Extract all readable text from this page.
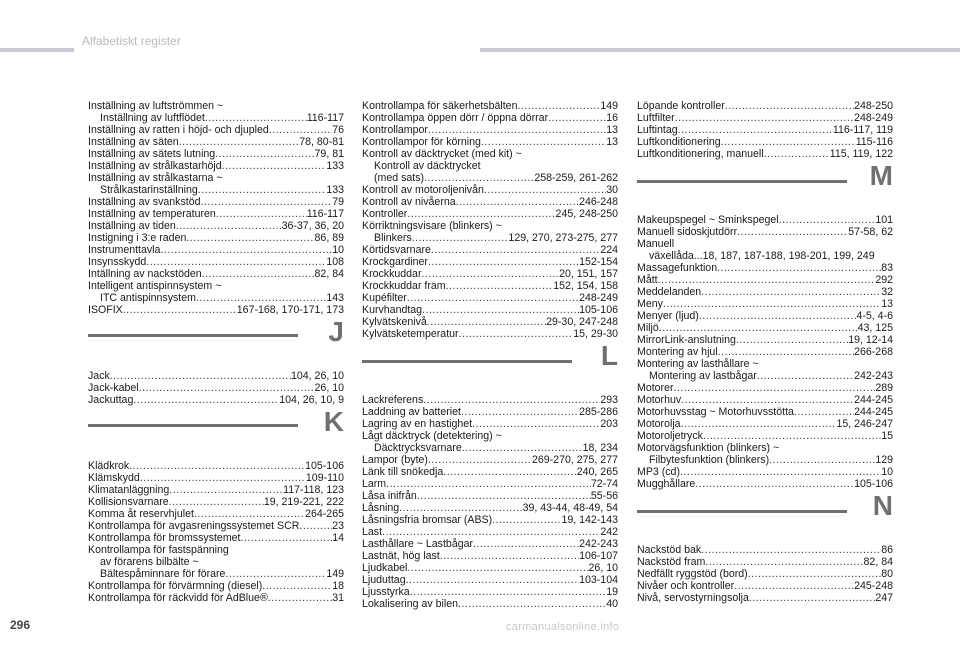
Alfabetiskt register
Inställning av luftströmmen ~
Inställning av luftflödet .....	116-117
Inställning av ratten i höjd- och djupled .....	76
Inställning av säten .....	78, 80-81
Inställning av sätets lutning .....	79, 81
Inställning av strålkastarhöjd .....	133
Inställning av strålkastarna ~
Strålkastarinställning .....	133
Inställning av svankstöd .....	79
Inställning av temperaturen .....	116-117
Inställning av tiden .....	36-37, 36, 20
Instigning i 3:e raden .....	86, 89
Instrumenttavla .....	10
Insynsskydd .....	108
Intällning av nackstöden .....	82, 84
Intelligent antispinnsystem ~
ITC antispinnsystem .....	143
ISOFIX .....	167-168, 170-171, 173
J
Jack .....	104, 26, 10
Jack-kabel .....	26, 10
Jackuttag .....	104, 26, 10, 9
K
Klädkrok .....	105-106
Klämskydd .....	109-110
Klimatanläggning .....	117-118, 123
Kollisionsvarnare .....	19, 219-221, 222
Komma åt reservhjulet .....	264-265
Kontrollampa för avgasreningssystemet SCR .....	23
Kontrollampa för bromssystemet .....	14
Kontrollampa för fastspänning
av förarens bilbälte ~
Bältespåminnare för förare .....	149
Kontrollampa för förvärmning (diesel) .....	18
Kontrollampa för räckvidd för AdBlue® .....	31
Kontrollampa för säkerhetsbälten .....	149
Kontrollampa öppen dörr / öppna dörrar .....	16
Kontrollampor .....	13
Kontrollampor för körning .....	13
Kontroll av däcktrycket (med kit) ~
Kontroll av däcktrycket
(med sats) .....	258-259, 261-262
Kontroll av motoroljenivån .....	30
Kontroll av nivåerna .....	246-248
Kontroller .....	245, 248-250
Körriktningsvisare (blinkers) ~
Blinkers .....	129, 270, 273-275, 277
Körtidsvarnare .....	224
Krockgardiner .....	152-154
Krockkuddar .....	20, 151, 157
Krockkuddar fram .....	152, 154, 158
Kupéfilter .....	248-249
Kurvhandtag .....	105-106
Kylvätskenivå .....	29-30, 247-248
Kylvätsketemperatur .....	15, 29-30
L
Lackreferens .....	293
Laddning av batteriet .....	285-286
Lagring av en hastighet .....	203
Lågt däcktryck (detektering) ~
Däcktrycksvarnare .....	18, 234
Lampor (byte) .....	269-270, 275, 277
Länk till snökedja .....	240, 265
Larm .....	72-74
Låsa inifrån .....	55-56
Låsning .....	39, 43-44, 48-49, 54
Låsningsfria bromsar (ABS) .....	19, 142-143
Last .....	242
Lasthållare ~ Lastbågar .....	242-243
Lastnät, hög last .....	106-107
Ljudkabel .....	26, 10
Ljuduttag .....	103-104
Ljusstyrka .....	19
Lokalisering av bilen .....	40
Löpande kontroller .....	248-250
Luftfilter .....	248-249
Luftintag .....	116-117, 119
Luftkonditionering .....	115-116
Luftkonditionering, manuell .....	115, 119, 122
M
Makeupspegel ~ Sminkspegel .....	101
Manuell sidoskjutdörr .....	57-58, 62
Manuell
växellåda...18, 187, 187-188, 198-201, 199, 249
Massagefunktion .....	83
Mått .....	292
Meddelanden .....	32
Meny .....	13
Menyer (ljud) .....	4-5, 4-6
Miljö .....	43, 125
MirrorLink-anslutning .....	19, 12-14
Montering av hjul .....	266-268
Montering av lasthållare ~
Montering av lastbågar .....	242-243
Motorer .....	289
Motorhuv .....	244-245
Motorhuvsstag ~ Motorhuvsstötta .....	244-245
Motorolja .....	15, 246-247
Motoroljetryck .....	15
Motorvägsfunktion (blinkers) ~
Filbytesfunktion (blinkers) .....	129
MP3 (cd) .....	10
Mugghållare .....	105-106
N
Nackstöd bak .....	86
Nackstöd fram .....	82, 84
Nedfällt ryggstöd (bord) .....	80
Nivåer och kontroller .....	245-248
Nivå, servostyrningsolja .....	247
296	carmanualsonline.info
